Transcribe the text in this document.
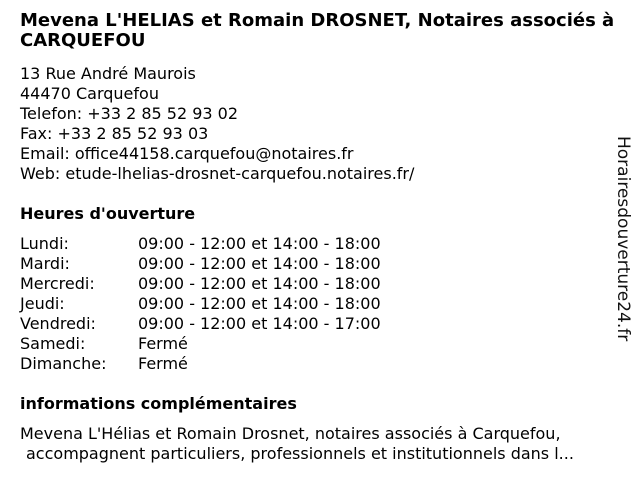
Mevena L'HELIAS et Romain DROSNET, Notaires associés à CARQUEFOU
13 Rue André Maurois
44470 Carquefou
Telefon: +33 2 85 52 93 02
Fax: +33 2 85 52 93 03
Email: office44158.carquefou@notaires.fr
Web: etude-lhelias-drosnet-carquefou.notaires.fr/
Heures d'ouverture
Lundi:	09:00 - 12:00 et 14:00 - 18:00
Mardi:	09:00 - 12:00 et 14:00 - 18:00
Mercredi:	09:00 - 12:00 et 14:00 - 18:00
Jeudi:	09:00 - 12:00 et 14:00 - 18:00
Vendredi:	09:00 - 12:00 et 14:00 - 17:00
Samedi:	Fermé
Dimanche:	Fermé
informations complémentaires
Mevena L'Hélias et Romain Drosnet, notaires associés à Carquefou,
accompagnent particuliers, professionnels et institutionnels dans l...
Horairesdouverture24.fr
